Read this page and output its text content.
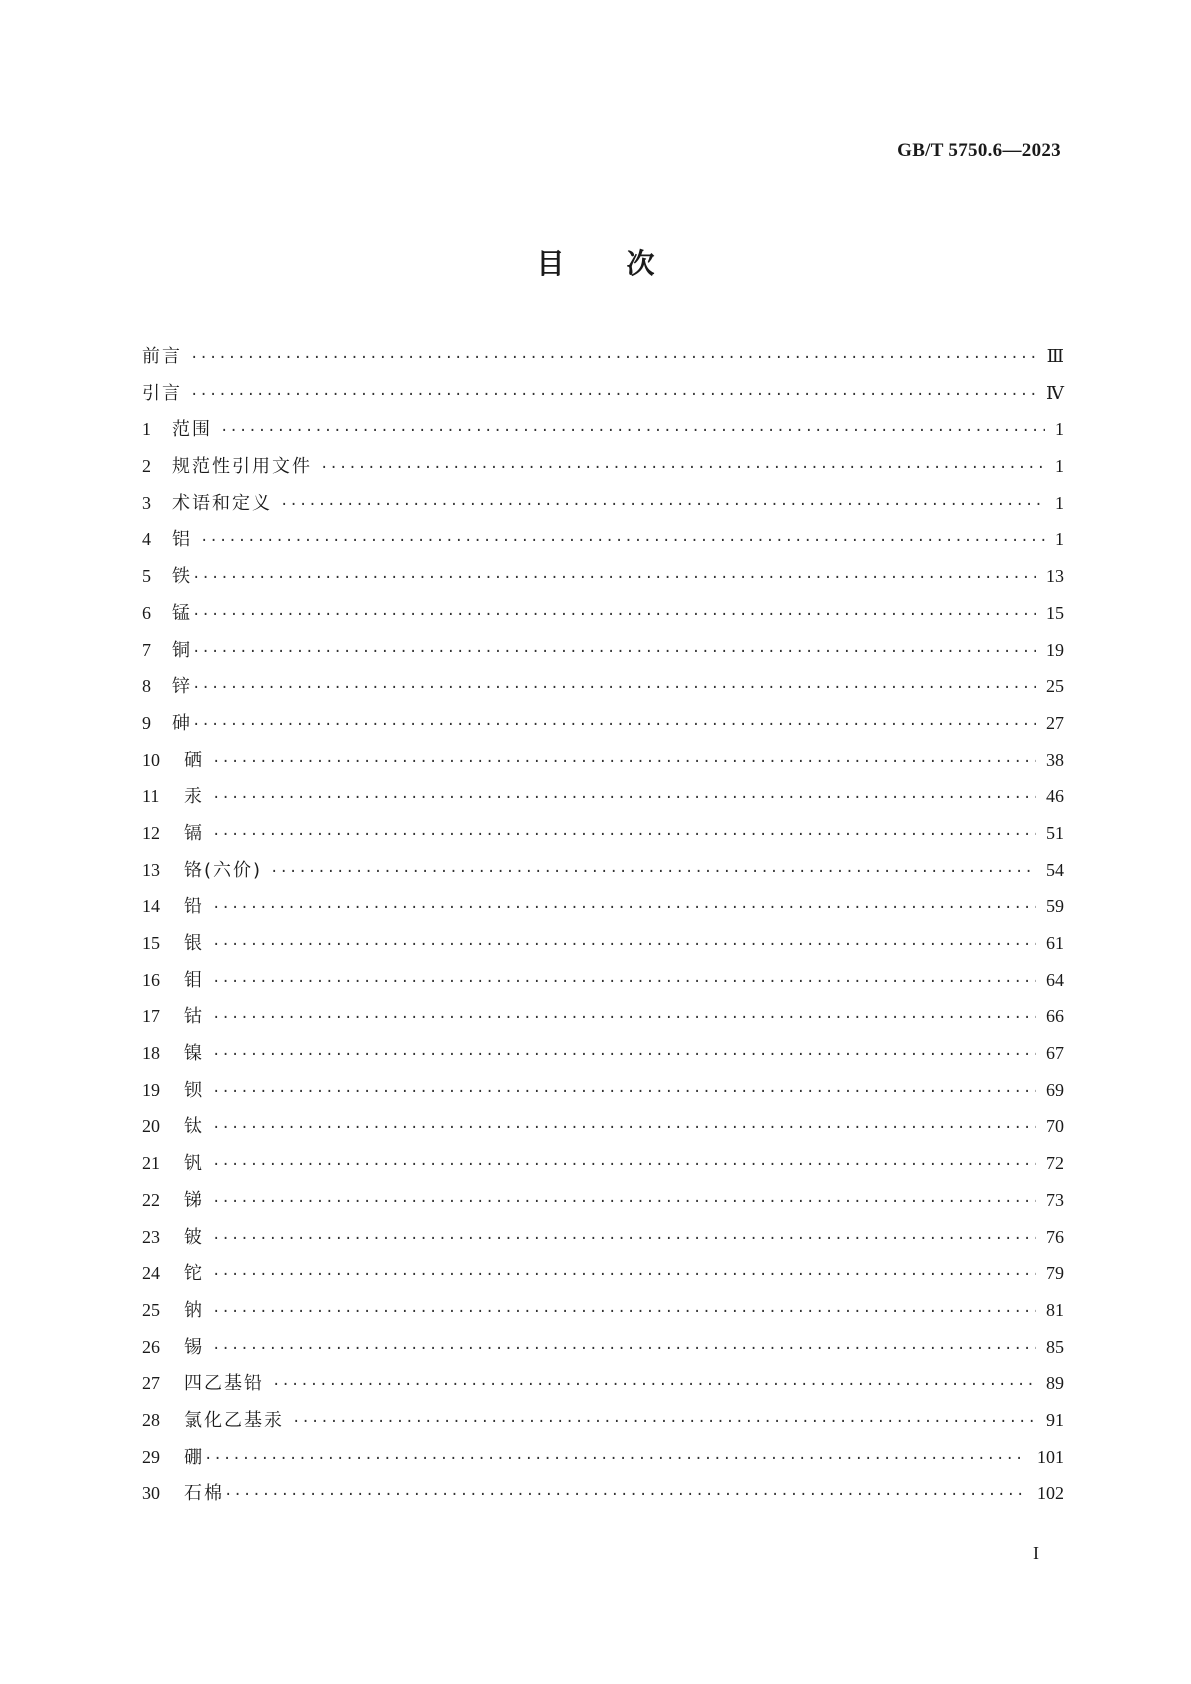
GB/T 5750.6—2023
目次
前言 ·····	Ⅲ
引言 ·····	Ⅳ
1	范围 ·····	1
2	规范性引用文件 ·····	1
3	术语和定义 ·····	1
4	铝 ·····	1
5	铁 ·····	13
6	锰 ·····	15
7	铜 ·····	19
8	锌 ·····	25
9	砷 ·····	27
10	硒 ·····	38
11	汞 ·····	46
12	镉 ·····	51
13	铬(六价) ·····	54
14	铅 ·····	59
15	银 ·····	61
16	钼 ·····	64
17	钴 ·····	66
18	镍 ·····	67
19	钡 ·····	69
20	钛 ·····	70
21	钒 ·····	72
22	锑 ·····	73
23	铍 ·····	76
24	铊 ·····	79
25	钠 ·····	81
26	锡 ·····	85
27	四乙基铅 ·····	89
28	氯化乙基汞 ·····	91
29	硼 ·····	101
30	石棉 ·····	102
I
